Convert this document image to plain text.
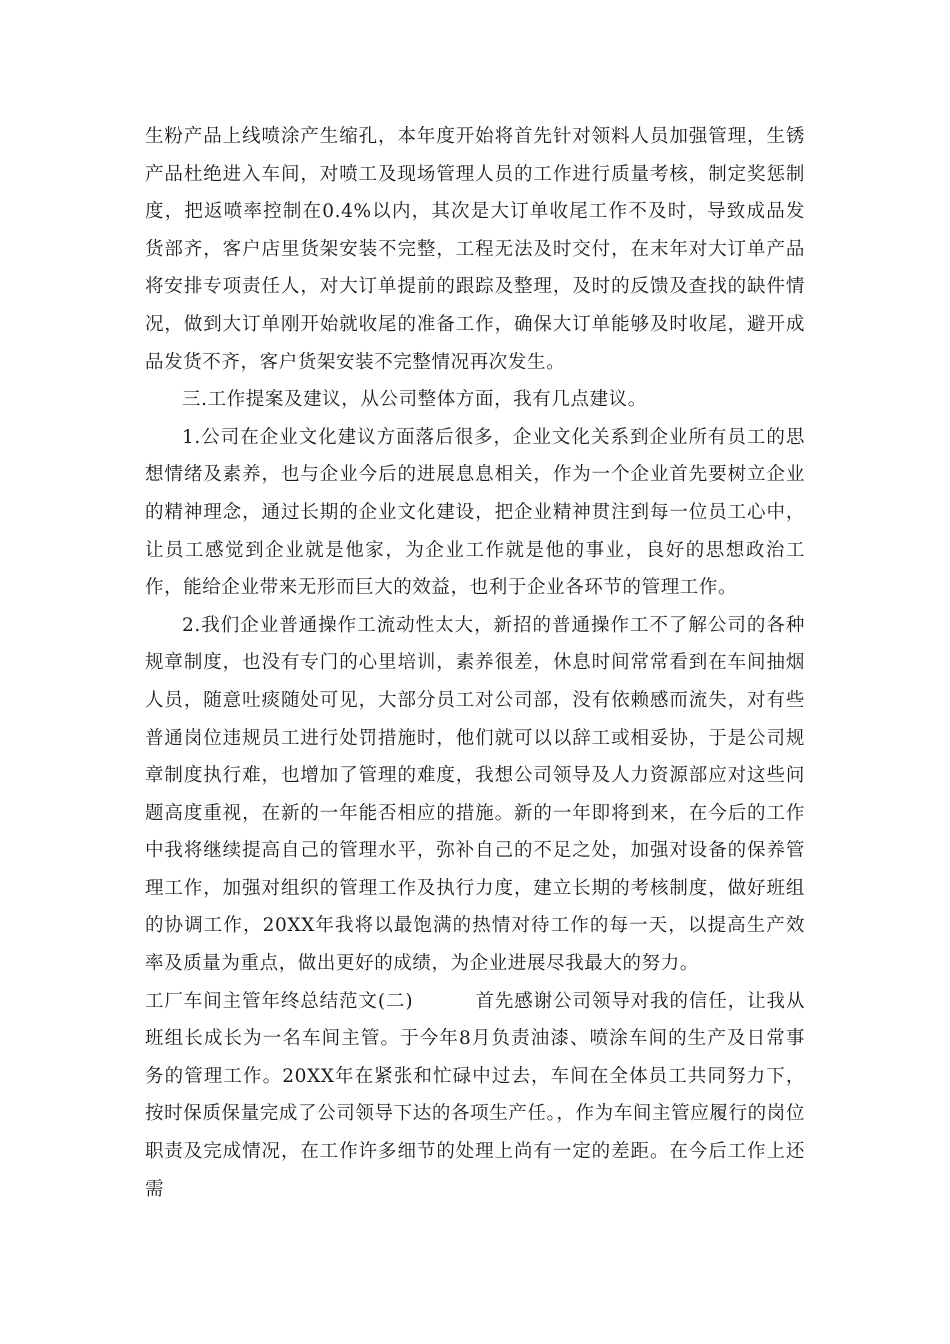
生粉产品上线喷涂产生缩孔，本年度开始将首先针对领料人员加强管理，生锈产品杜绝进入车间，对喷工及现场管理人员的工作进行质量考核，制定奖惩制度，把返喷率控制在0.4%以内，其次是大订单收尾工作不及时，导致成品发货部齐，客户店里货架安装不完整，工程无法及时交付，在末年对大订单产品将安排专项责任人，对大订单提前的跟踪及整理，及时的反馈及查找的缺件情况，做到大订单刚开始就收尾的准备工作，确保大订单能够及时收尾，避开成品发货不齐，客户货架安装不完整情况再次发生。

三.工作提案及建议，从公司整体方面，我有几点建议。

1.公司在企业文化建议方面落后很多，企业文化关系到企业所有员工的思想情绪及素养，也与企业今后的进展息息相关，作为一个企业首先要树立企业的精神理念，通过长期的企业文化建设，把企业精神贯注到每一位员工心中，让员工感觉到企业就是他家，为企业工作就是他的事业，良好的思想政治工作，能给企业带来无形而巨大的效益，也利于企业各环节的管理工作。

2.我们企业普通操作工流动性太大，新招的普通操作工不了解公司的各种规章制度，也没有专门的心里培训，素养很差，休息时间常常看到在车间抽烟人员，随意吐痰随处可见，大部分员工对公司部，没有依赖感而流失，对有些普通岗位违规员工进行处罚措施时，他们就可以以辞工或相妥协，于是公司规章制度执行难，也增加了管理的难度，我想公司领导及人力资源部应对这些问题高度重视，在新的一年能否相应的措施。新的一年即将到来，在今后的工作中我将继续提高自己的管理水平，弥补自己的不足之处，加强对设备的保养管理工作，加强对组织的管理工作及执行力度，建立长期的考核制度，做好班组的协调工作，20XX年我将以最饱满的热情对待工作的每一天，以提高生产效率及质量为重点，做出更好的成绩，为企业进展尽我最大的努力。

工厂车间主管年终总结范文(二)	首先感谢公司领导对我的信任，让我从班组长成长为一名车间主管。于今年8月负责油漆、喷涂车间的生产及日常事务的管理工作。20XX年在紧张和忙碌中过去，车间在全体员工共同努力下，按时保质保量完成了公司领导下达的各项生产任。，作为车间主管应履行的岗位职责及完成情况，在工作许多细节的处理上尚有一定的差距。在今后工作上还需
